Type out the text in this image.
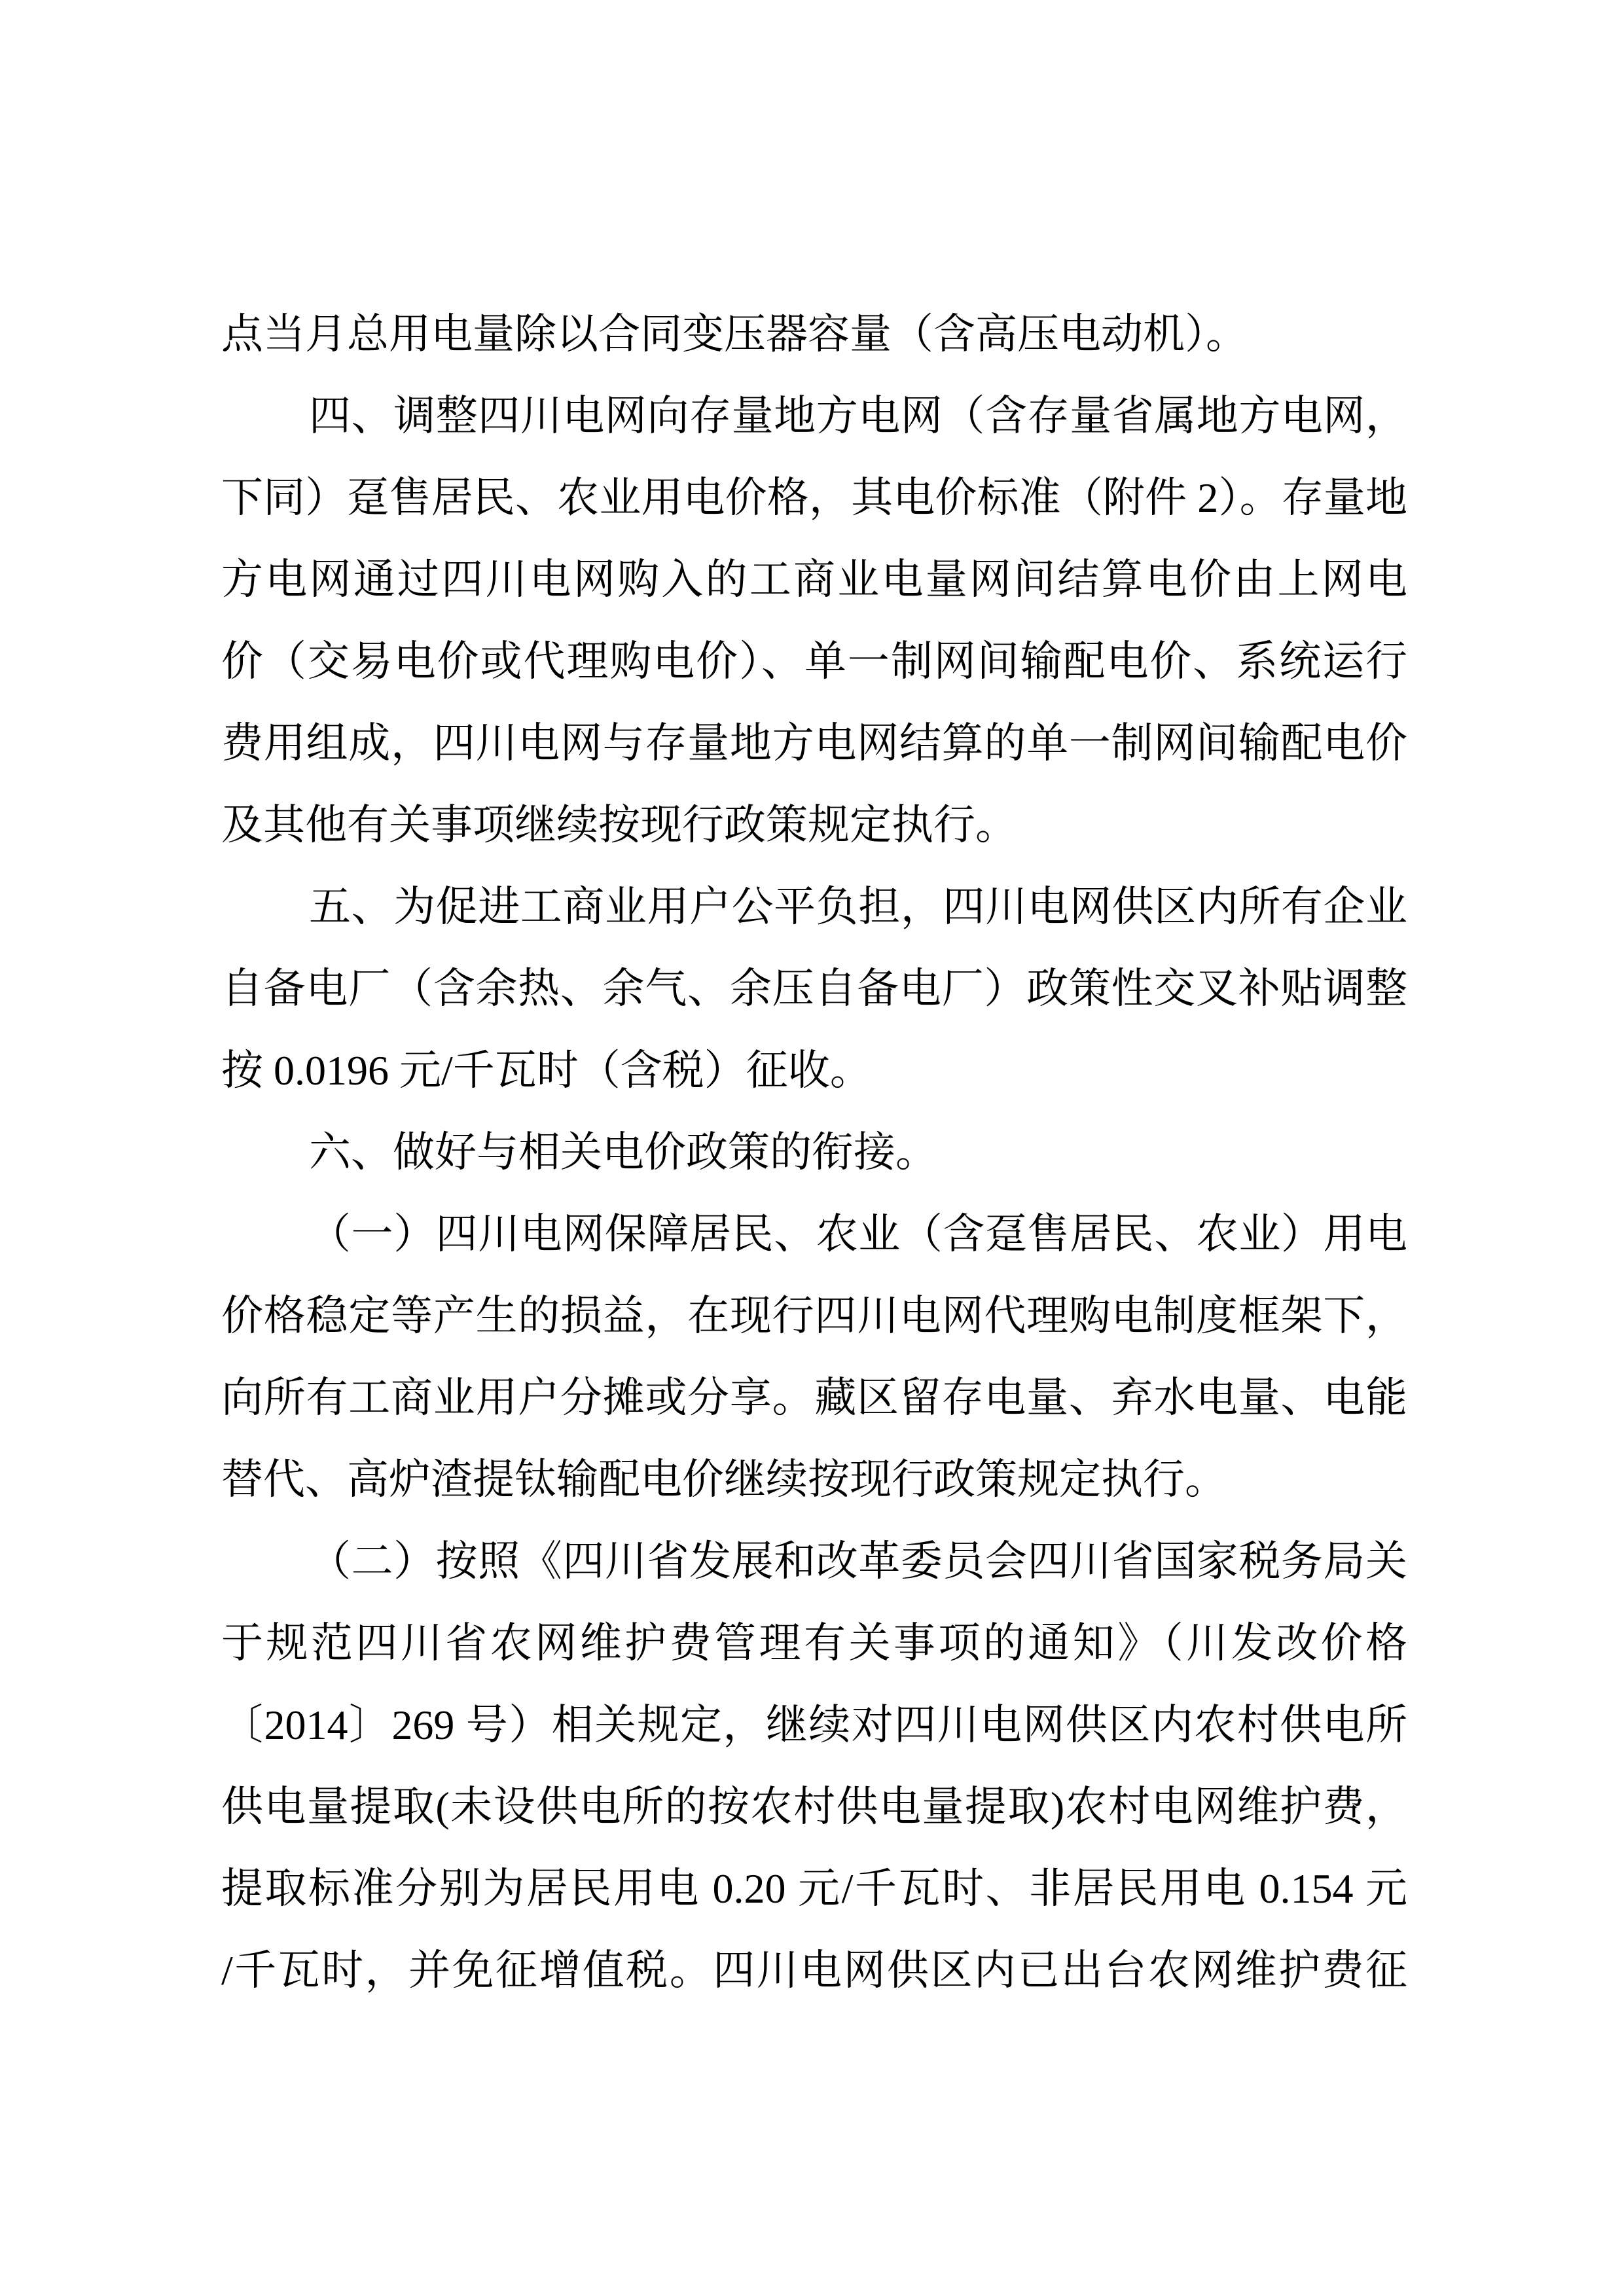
点当月总用电量除以合同变压器容量（含高压电动机）。
四、调整四川电网向存量地方电网（含存量省属地方电网，
下同）趸售居民、农业用电价格，其电价标准（附件 2）。存量地
方电网通过四川电网购入的工商业电量网间结算电价由上网电
价（交易电价或代理购电价）、单一制网间输配电价、系统运行
费用组成，四川电网与存量地方电网结算的单一制网间输配电价
及其他有关事项继续按现行政策规定执行。
五、为促进工商业用户公平负担，四川电网供区内所有企业
自备电厂（含余热、余气、余压自备电厂）政策性交叉补贴调整
按 0.0196 元/千瓦时（含税）征收。
六、做好与相关电价政策的衔接。
（一）四川电网保障居民、农业（含趸售居民、农业）用电
价格稳定等产生的损益，在现行四川电网代理购电制度框架下，
向所有工商业用户分摊或分享。藏区留存电量、弃水电量、电能
替代、高炉渣提钛输配电价继续按现行政策规定执行。
（二）按照《四川省发展和改革委员会四川省国家税务局关
于规范四川省农网维护费管理有关事项的通知》（川发改价格
〔2014〕269 号）相关规定，继续对四川电网供区内农村供电所
供电量提取(未设供电所的按农村供电量提取)农村电网维护费，
提取标准分别为居民用电 0.20 元/千瓦时、非居民用电 0.154 元
/千瓦时，并免征增值税。四川电网供区内已出台农网维护费征
